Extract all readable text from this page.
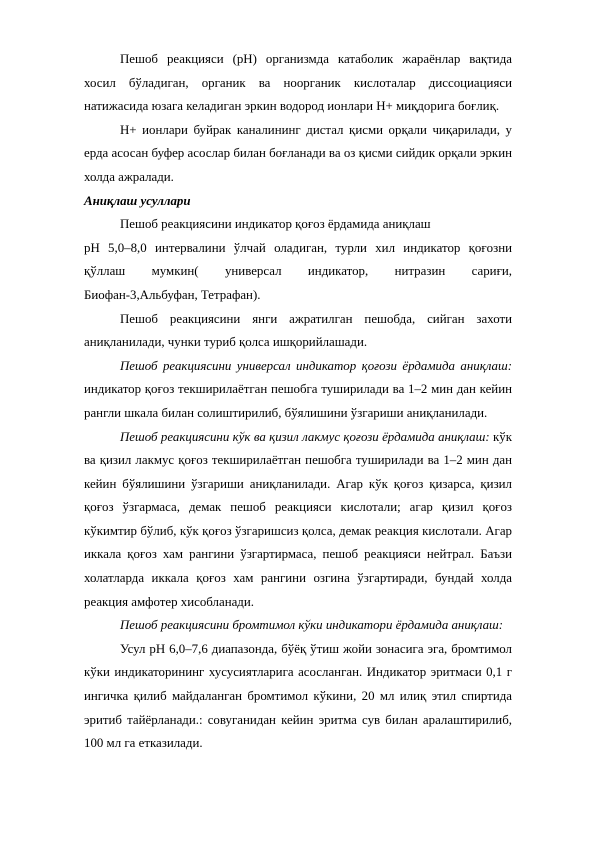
Пешоб реакцияси (pH) организмда катаболик жараёнлар вақтида хосил бўладиган, органик ва ноорганик кислоталар диссоциацияси натижасида юзага келадиган эркин водород ионлари H+ миқдорига боғлиқ.

H+ ионлари буйрак каналининг дистал қисми орқали чиқарилади, у ерда асосан буфер асослар билан боғланади ва оз қисми сийдик орқали эркин холда ажралади.

Аниқлаш усуллари

Пешоб реакциясини индикатор қоғоз ёрдамида аниқлаш

pH 5,0–8,0 интервалини ўлчай оладиган, турли хил индикатор қоғозни қўллаш мумкин( универсал индикатор, нитразин сариғи, Биофан-3,Альбуфан, Тетрафан).

Пешоб реакциясини янги ажратилган пешобда, сийган захоти аниқланилади, чунки туриб қолса ишқорийлашади.

Пешоб реакциясини универсал индикатор қоғози ёрдамида аниқлаш: индикатор қоғоз текширилаётган пешобга туширилади ва 1–2 мин дан кейин рангли шкала билан солиштирилиб, бўялишини ўзгариши аниқланилади.

Пешоб реакциясини кўк ва қизил лакмус қоғози ёрдамида аниқлаш: кўк ва қизил лакмус қоғоз текширилаётган пешобга туширилади ва 1–2 мин дан кейин бўялишини ўзгариши аниқланилади. Агар кўк қоғоз қизарса, қизил қоғоз ўзгармаса, демак пешоб реакцияси кислотали; агар қизил қоғоз кўкимтир бўлиб, кўк қоғоз ўзгаришсиз қолса, демак реакция кислотали. Агар иккала қоғоз хам рангини ўзгартирмаса, пешоб реакцияси нейтрал. Баъзи холатларда иккала қоғоз хам рангини озгина ўзгартиради, бундай холда реакция амфотер хисобланади.

Пешоб реакциясини бромтимол кўки индикатори ёрдамида аниқлаш:

Усул pH 6,0–7,6 диапазонда, бўёқ ўтиш жойи зонасига эга, бромтимол кўки индикаторининг хусусиятларига асосланган. Индикатор эритмаси 0,1 г ингичка қилиб майдаланган бромтимол кўкини, 20 мл илиқ этил спиртида эритиб тайёрланади.: совуганидан кейин эритма сув билан аралаштирилиб, 100 мл га етказилади.
